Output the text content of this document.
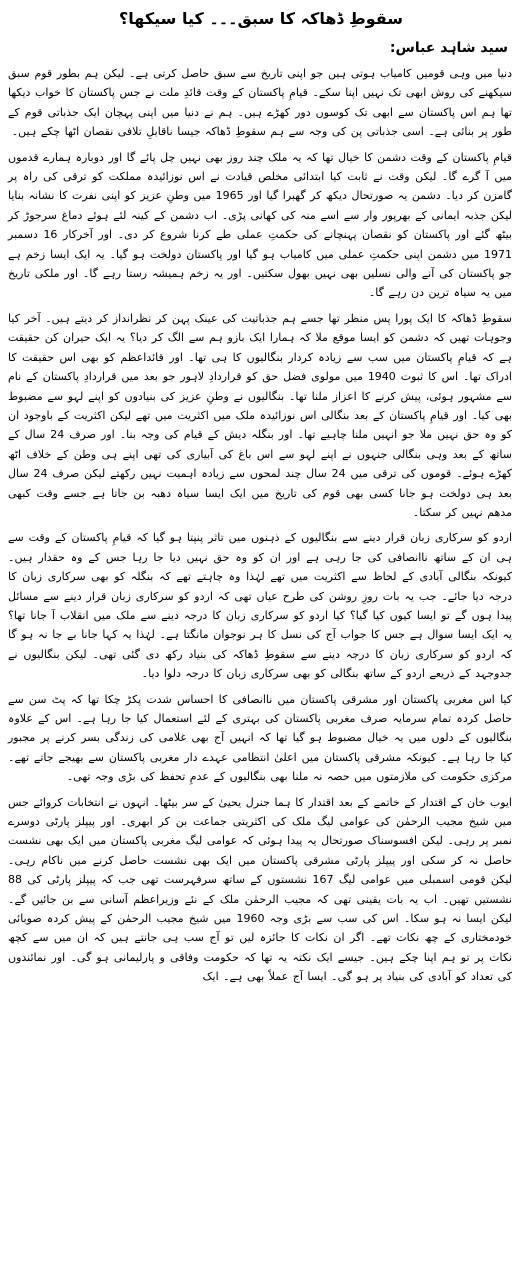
سقوطِ ڈھاکہ کا سبق۔۔۔ کیا سیکھا؟
سید شاہد عباس:

دنیا میں وہی قومیں کامیاب ہوتی ہیں جو اپنی تاریخ سے سبق حاصل کرتی ہے۔ لیکن ہم بطور قوم سبق سیکھنے کی روش ابھی تک نہیں اپنا سکے۔ قیامِ پاکستان کے وقت قائدِ ملت نے جس پاکستان کا خواب دیکھا تھا ہم اس پاکستان سے ابھی تک کوسوں دور کھڑے ہیں۔ ہم نے دنیا میں اپنی پہچان ایک جذباتی قوم کے طور پر بنائی ہے۔ اسی جذباتی پن کی وجہ سے ہم سقوطِ ڈھاکہ جیسا ناقابلِ تلافی نقصان اٹھا چکے ہیں۔

قیامِ پاکستان کے وقت دشمن کا خیال تھا کہ یہ ملک چند روز بھی نہیں چل پائے گا اور دوبارہ ہمارے قدموں میں آ گرے گا۔ لیکن وقت نے ثابت کیا ابتدائی مخلص قیادت نے اس نوزائیدہ مملکت کو ترقی کی راہ پر گامزن کر دیا۔ دشمن یہ صورتحال دیکھ کر گھبرا گیا اور 1965 میں وطنِ عزیز کو اپنی نفرت کا نشانہ بنایا لیکن جذبہ ایمانی کے بھرپور وار سے اسے منہ کی کھانی پڑی۔ اب دشمن کے کینہ لئے ہوئے دماغ سرجوڑ کر بیٹھ گئے اور پاکستان کو نقصان پہنچانے کی حکمتِ عملی طے کرنا شروع کر دی۔ اور آخرکار 16 دسمبر 1971 میں دشمن اپنی حکمتِ عملی میں کامیاب ہو گیا اور پاکستان دولخت ہو گیا۔ یہ ایک ایسا زخم ہے جو پاکستان کی آنے والی نسلیں بھی نہیں بھول سکتیں۔ اور یہ زخم ہمیشہ رستا رہے گا۔ اور ملکی تاریخ میں یہ سیاہ ترین دن رہے گا۔

سقوطِ ڈھاکہ کا ایک پورا پس منظر تھا جسے ہم جذباتیت کی عینک پہن کر نظرانداز کر دیتے ہیں۔ آخر کیا وجوہات تھیں کہ دشمن کو ایسا موقع ملا کہ ہمارا ایک بازو ہم سے الگ کر دیا؟ یہ ایک حیران کن حقیقت ہے کہ قیامِ پاکستان میں سب سے زیادہ کردار بنگالیوں کا ہی تھا۔ اور قائداعظم کو بھی اس حقیقت کا ادراک تھا۔ اس کا ثبوت 1940 میں مولوی فضل حق کو قراردادِ لاہور جو بعد میں قراردادِ پاکستان کے نام سے مشہور ہوئی، پیش کرنے کا اعزاز ملنا تھا۔ بنگالیوں نے وطنِ عزیز کی بنیادوں کو اپنے لہو سے مضبوط بھی کیا۔ اور قیامِ پاکستان کے بعد بنگالی اس نوزائیدہ ملک میں اکثریت میں تھے لیکن اکثریت کے باوجود ان کو وہ حق نہیں ملا جو انہیں ملنا چاہیے تھا۔ اور بنگلہ دیش کے قیام کی وجہ بنا۔ اور صرف 24 سال کے ساتھ کے بعد وہی بنگالی جنہوں نے اپنے لہو سے اس باغ کی آبیاری کی تھی اپنے ہی وطن کے خلاف اٹھ کھڑے ہوئے۔ قوموں کی ترقی میں 24 سال چند لمحوں سے زیادہ اہمیت نہیں رکھتے لیکن صرف 24 سال بعد ہی دولخت ہو جانا کسی بھی قوم کی تاریخ میں ایک ایسا سیاہ دھبہ بن جاتا ہے جسے وقت کبھی مدھم نہیں کر سکتا۔

اردو کو سرکاری زبان قرار دینے سے بنگالیوں کے ذہنوں میں تاثر پنپتا ہو گیا کہ قیامِ پاکستان کے وقت سے ہی ان کے ساتھ ناانصافی کی جا رہی ہے اور ان کو وہ حق نہیں دیا جا رہا جس کے وہ حقدار ہیں۔ کیونکہ بنگالی آبادی کے لحاظ سے اکثریت میں تھے لہٰذا وہ چاہتے تھے کہ بنگلہ کو بھی سرکاری زبان کا درجہ دیا جائے۔ جب یہ بات روزِ روشن کی طرح عیاں تھی کہ اردو کو سرکاری زبان قرار دینے سے مسائل پیدا ہوں گے تو ایسا کیوں کیا گیا؟ کیا اردو کو سرکاری زبان کا درجہ دینے سے ملک میں انقلاب آ جانا تھا؟ یہ ایک ایسا سوال ہے جس کا جواب آج کی نسل کا ہر نوجوان مانگتا ہے۔ لہٰذا یہ کہا جانا بے جا نہ ہو گا کہ اردو کو سرکاری زبان کا درجہ دینے سے سقوطِ ڈھاکہ کی بنیاد رکھ دی گئی تھی۔ لیکن بنگالیوں نے جدوجہد کے ذریعے اردو کے ساتھ بنگالی کو بھی سرکاری زبان کا درجہ دلوا دیا۔

کیا اس مغربی پاکستان اور مشرقی پاکستان میں ناانصافی کا احساس شدت پکڑ چکا تھا کہ پٹ سن سے حاصل کردہ تمام سرمایہ صرف مغربی پاکستان کی بہتری کے لئے استعمال کیا جا رہا ہے۔ اس کے علاوہ بنگالیوں کے دلوں میں یہ خیال مضبوط ہو گیا تھا کہ انہیں آج بھی غلامی کی زندگی بسر کرنے پر مجبور کیا جا رہا ہے۔ کیونکہ مشرقی پاکستان میں اعلیٰ انتظامی عہدے دار مغربی پاکستان سے بھیجے جاتے تھے۔ مرکزی حکومت کی ملازمتوں میں حصہ نہ ملنا بھی بنگالیوں کے عدمِ تحفظ کی بڑی وجہ تھی۔

ایوب خان کے اقتدار کے خاتمے کے بعد اقتدار کا ہما جنرل یحییٰ کے سر بیٹھا۔ انہوں نے انتخابات کروائے جس میں شیخ مجیب الرحمٰن کی عوامی لیگ ملک کی اکثریتی جماعت بن کر ابھری۔ اور پیپلز پارٹی دوسرے نمبر پر رہی۔ لیکن افسوسناک صورتحال یہ پیدا ہوئی کہ عوامی لیگ مغربی پاکستان میں ایک بھی نشست حاصل نہ کر سکی اور پیپلز پارٹی مشرقی پاکستان میں ایک بھی نشست حاصل کرنے میں ناکام رہی۔ لیکن قومی اسمبلی میں عوامی لیگ 167 نشستوں کے ساتھ سرفہرست تھی جب کہ پیپلز پارٹی کی 88 نشستیں تھیں۔ اب یہ بات یقینی تھی کہ مجیب الرحمٰن ملک کے نئے وزیراعظم آسانی سے بن جائیں گے۔ لیکن ایسا نہ ہو سکا۔ اس کی سب سے بڑی وجہ 1960 میں شیخ مجیب الرحمٰن کے پیش کردہ صوبائی خودمختاری کے چھ نکات تھے۔ اگر ان نکات کا جائزہ لیں تو آج سب ہی جانتے ہیں کہ ان میں سے کچھ نکات پر تو ہم اپنا چکے ہیں۔ جیسے ایک نکتہ یہ تھا کہ حکومت وفاقی و پارلیمانی ہو گی۔ اور نمائندوں کی تعداد کو آبادی کی بنیاد پر ہو گی۔ ایسا آج عملاً بھی ہے۔ ایک
